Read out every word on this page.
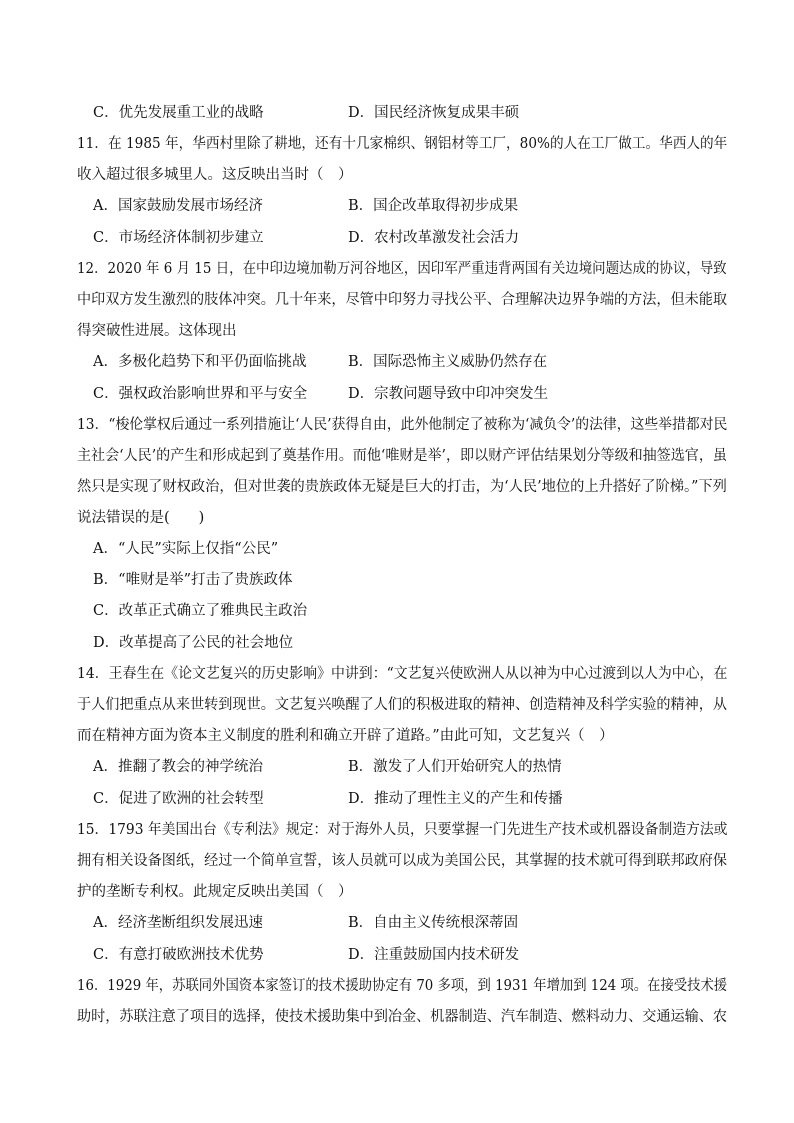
C．优先发展重工业的战略	D．国民经济恢复成果丰硕
11．在 1985 年，华西村里除了耕地，还有十几家棉织、钢铝材等工厂，80%的人在工厂做工。华西人的年
收入超过很多城里人。这反映出当时（　）
A．国家鼓励发展市场经济	B．国企改革取得初步成果
C．市场经济体制初步建立	D．农村改革激发社会活力
12．2020 年 6 月 15 日，在中印边境加勒万河谷地区，因印军严重违背两国有关边境问题达成的协议，导致
中印双方发生激烈的肢体冲突。几十年来，尽管中印努力寻找公平、合理解决边界争端的方法，但未能取
得突破性进展。这体现出
A．多极化趋势下和平仍面临挑战	B．国际恐怖主义威胁仍然存在
C．强权政治影响世界和平与安全	D．宗教问题导致中印冲突发生
13．“梭伦掌权后通过一系列措施让‘人民’获得自由，此外他制定了被称为‘减负令’的法律，这些举措都对民
主社会‘人民’的产生和形成起到了奠基作用。而他‘唯财是举’，即以财产评估结果划分等级和抽签选官，虽
然只是实现了财权政治，但对世袭的贵族政体无疑是巨大的打击，为‘人民’地位的上升搭好了阶梯。”下列
说法错误的是(　　)
A．“人民”实际上仅指“公民”
B．“唯财是举”打击了贵族政体
C．改革正式确立了雅典民主政治
D．改革提高了公民的社会地位
14．王春生在《论文艺复兴的历史影响》中讲到：“文艺复兴使欧洲人从以神为中心过渡到以人为中心，在
于人们把重点从来世转到现世。文艺复兴唤醒了人们的积极进取的精神、创造精神及科学实验的精神，从
而在精神方面为资本主义制度的胜利和确立开辟了道路。”由此可知，文艺复兴（　）
A．推翻了教会的神学统治	B．激发了人们开始研究人的热情
C．促进了欧洲的社会转型	D．推动了理性主义的产生和传播
15．1793 年美国出台《专利法》规定：对于海外人员，只要掌握一门先进生产技术或机器设备制造方法或
拥有相关设备图纸，经过一个简单宣誓，该人员就可以成为美国公民，其掌握的技术就可得到联邦政府保
护的垄断专利权。此规定反映出美国（　）
A．经济垄断组织发展迅速	B．自由主义传统根深蒂固
C．有意打破欧洲技术优势	D．注重鼓励国内技术研发
16．1929 年，苏联同外国资本家签订的技术援助协定有 70 多项，到 1931 年增加到 124 项。在接受技术援
助时，苏联注意了项目的选择，使技术援助集中到冶金、机器制造、汽车制造、燃料动力、交通运输、农
